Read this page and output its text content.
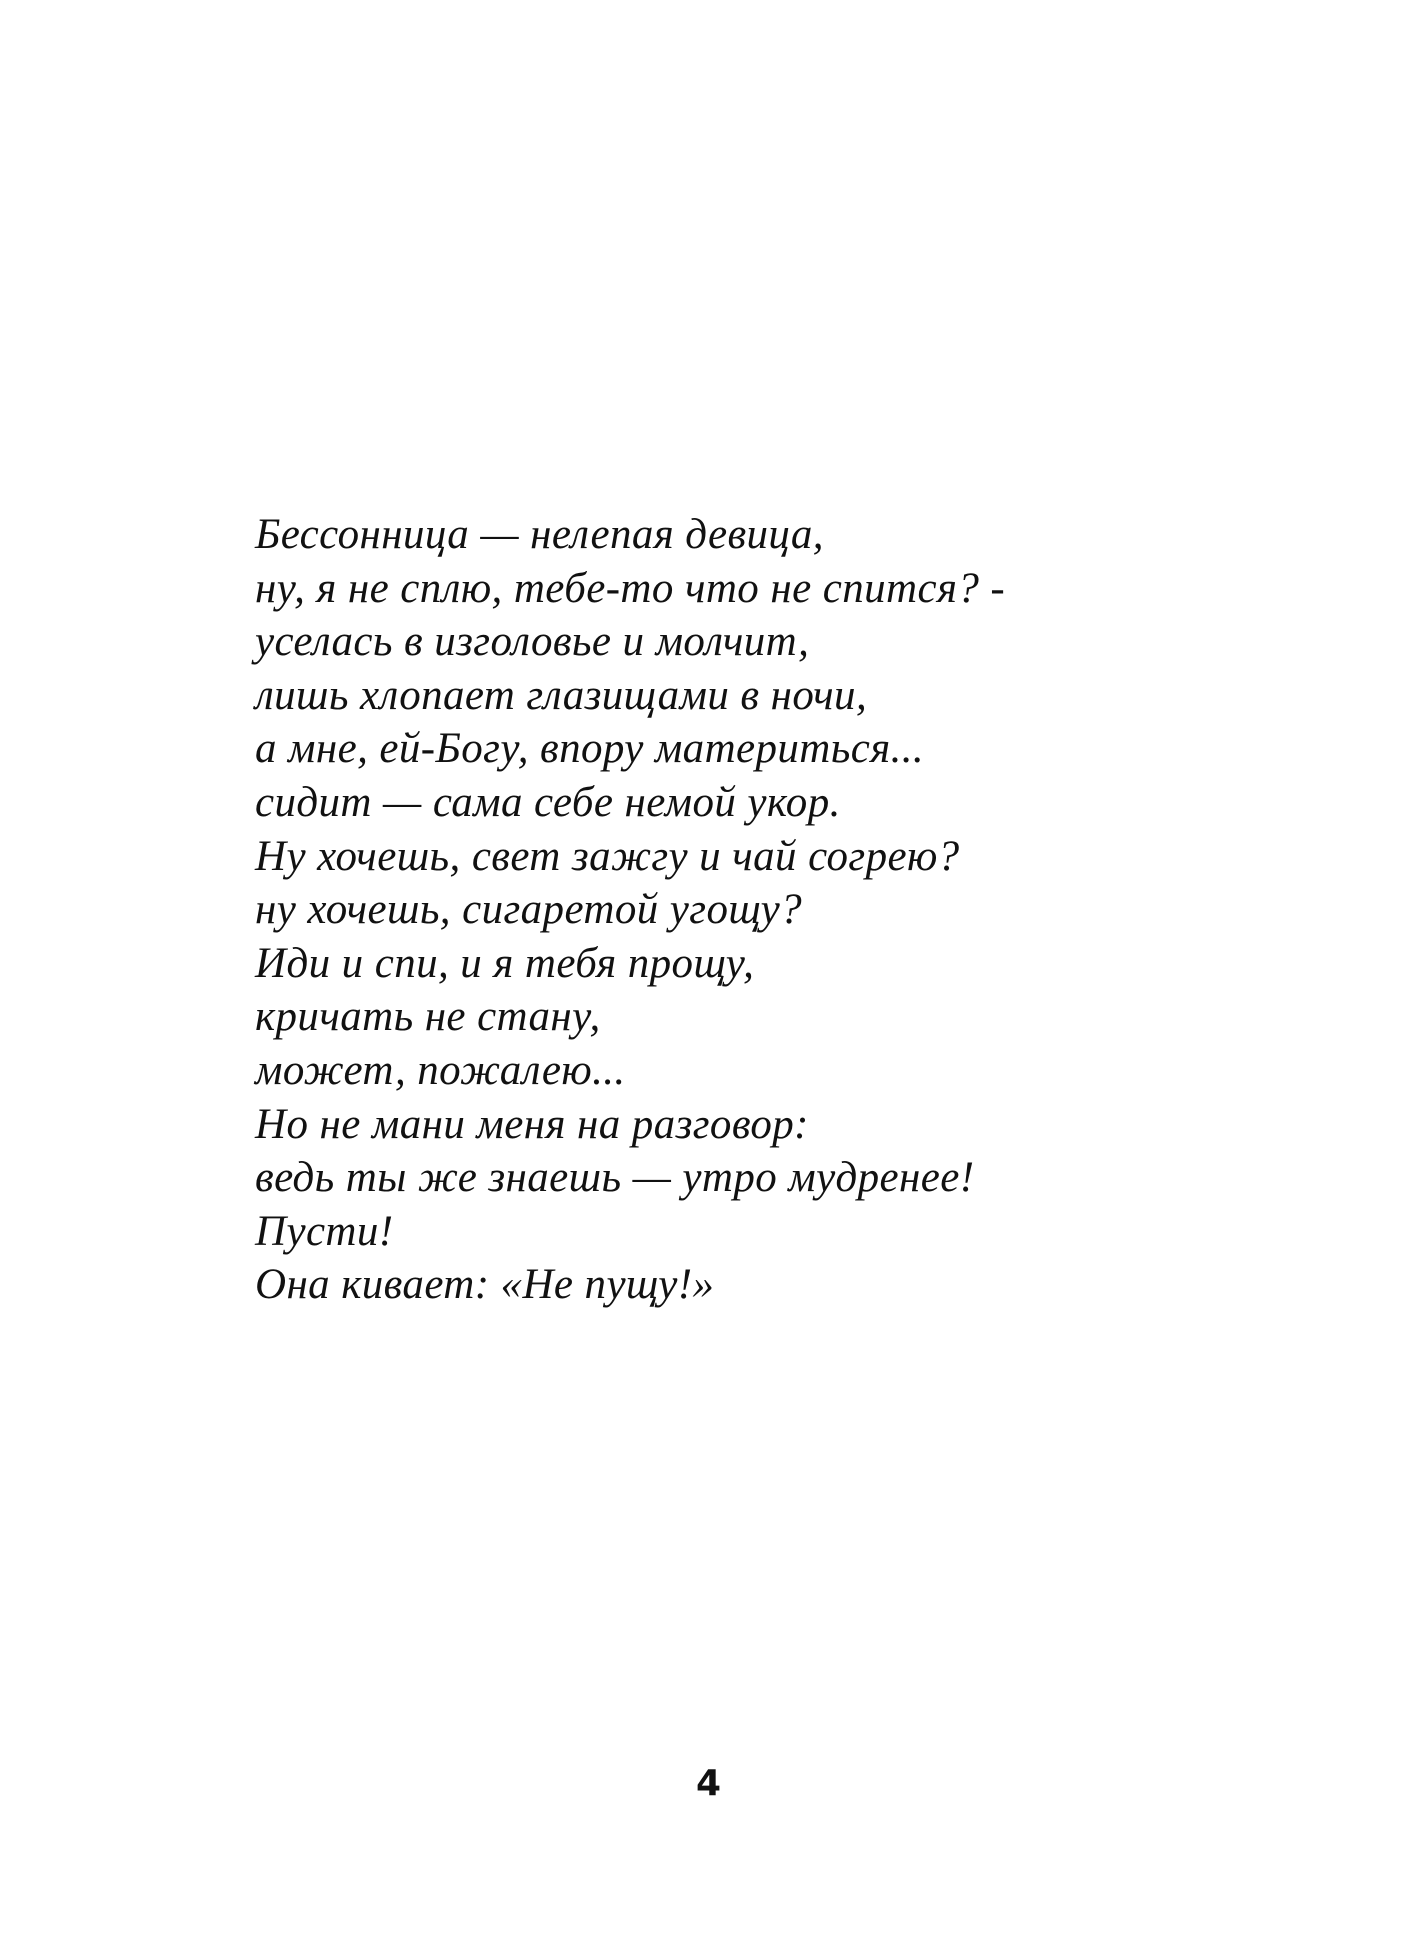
Бессонница — нелепая девица,
ну, я не сплю, тебе-то что не спится? -
уселась в изголовье и молчит,
лишь хлопает глазищами в ночи,
а мне, ей-Богу, впору материться...
сидит — сама себе немой укор.
Ну хочешь, свет зажгу и чай согрею?
ну хочешь, сигаретой угощу?
Иди и спи, и я тебя прощу,
кричать не стану,
может, пожалею...
Но не мани меня на разговор:
ведь ты же знаешь — утро мудренее!
Пусти!
Она кивает: «Не пущу!»
4
